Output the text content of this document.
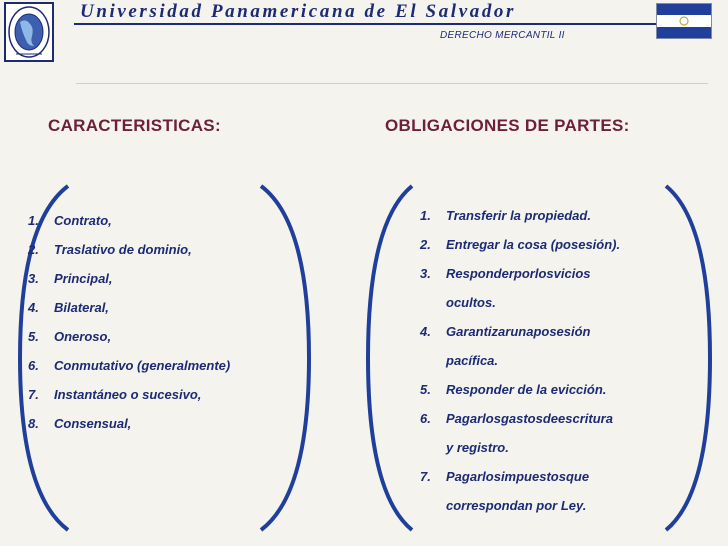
Universidad Panamericana de El Salvador
DERECHO MERCANTIL II
CARACTERISTICAS:	OBLIGACIONES DE PARTES:
1. Contrato,
2. Traslativo de dominio,
3. Principal,
4. Bilateral,
5. Oneroso,
6. Conmutativo (generalmente)
7. Instantáneo o sucesivo,
8. Consensual,
1. Transferir la propiedad.
2. Entregar la cosa (posesión).
3. Responderporlosvicios
ocultos.
4. Garantizarunaposesión
pacífica.
5. Responder de la evicción.
6. Pagarlosgastosdeescritura
y registro.
7. Pagarlosimpuestosque
correspondan por Ley.
